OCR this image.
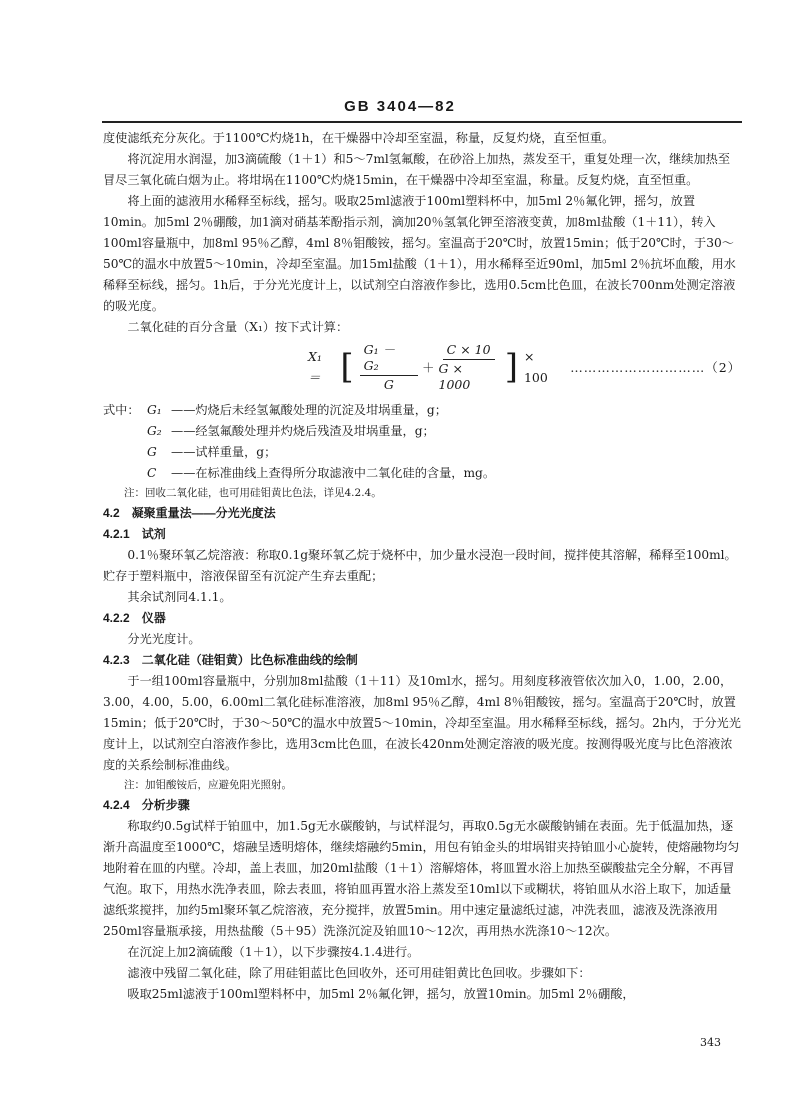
GB 3404—82

度使滤纸充分灰化。于1100℃灼烧1h，在干燥器中冷却至室温，称量，反复灼烧，直至恒重。

将沉淀用水润湿，加3滴硫酸（1＋1）和5～7ml氢氟酸，在砂浴上加热，蒸发至干，重复处理一次，继续加热至冒尽三氧化硫白烟为止。将坩埚在1100℃灼烧15min，在干燥器中冷却至室温，称量。反复灼烧，直至恒重。

将上面的滤液用水稀释至标线，摇匀。吸取25ml滤液于100ml塑料杯中，加5ml 2％氟化钾，摇匀，放置10min。加5ml 2％硼酸，加1滴对硝基苯酚指示剂，滴加20％氢氧化钾至溶液变黄，加8ml盐酸（1＋11），转入100ml容量瓶中，加8ml 95％乙醇，4ml 8％钼酸铵，摇匀。室温高于20℃时，放置15min；低于20℃时，于30～50℃的温水中放置5～10min，冷却至室温。加15ml盐酸（1＋1），用水稀释至近90ml，加5ml 2％抗坏血酸，用水稀释至标线，摇匀。1h后，于分光光度计上，以试剂空白溶液作参比，选用0.5cm比色皿，在波长700nm处测定溶液的吸光度。

二氧化硅的百分含量（X₁）按下式计算：

X₁ ＝ [ $\frac{\text{G₁ － G₂}}{G} + \frac{C \times 10}{G \times 1000}$ ] × 100
…………………………（2）
式中： G₁ ——灼烧后未经氢氟酸处理的沉淀及坩埚重量，g；
G₂ ——经氢氟酸处理并灼烧后残渣及坩埚重量，g；
G	——试样重量，g；
C	——在标准曲线上查得所分取滤液中二氧化硅的含量，mg。

注：回收二氧化硅，也可用硅钼黄比色法，详见4.2.4。

4.2　凝聚重量法——分光光度法

4.2.1　试剂

0.1％聚环氧乙烷溶液：称取0.1g聚环氧乙烷于烧杯中，加少量水浸泡一段时间，搅拌使其溶解，稀释至100ml。贮存于塑料瓶中，溶液保留至有沉淀产生弃去重配；

其余试剂同4.1.1。

4.2.2　仪器

分光光度计。

4.2.3　二氧化硅（硅钼黄）比色标准曲线的绘制

于一组100ml容量瓶中，分别加8ml盐酸（1＋11）及10ml水，摇匀。用刻度移液管依次加入0，1.00，2.00，3.00，4.00，5.00，6.00ml二氧化硅标准溶液，加8ml 95％乙醇，4ml 8％钼酸铵，摇匀。室温高于20℃时，放置15min；低于20℃时，于30～50℃的温水中放置5～10min，冷却至室温。用水稀释至标线，摇匀。2h内，于分光光度计上，以试剂空白溶液作参比，选用3cm比色皿，在波长420nm处测定溶液的吸光度。按测得吸光度与比色溶液浓度的关系绘制标准曲线。

注：加钼酸铵后，应避免阳光照射。

4.2.4　分析步骤

称取约0.5g试样于铂皿中，加1.5g无水碳酸钠，与试样混匀，再取0.5g无水碳酸钠铺在表面。先于低温加热，逐渐升高温度至1000℃，熔融呈透明熔体，继续熔融约5min，用包有铂金头的坩埚钳夹持铂皿小心旋转，使熔融物均匀地附着在皿的内壁。冷却，盖上表皿，加20ml盐酸（1＋1）溶解熔体，将皿置水浴上加热至碳酸盐完全分解，不再冒气泡。取下，用热水洗净表皿，除去表皿，将铂皿再置水浴上蒸发至10ml以下或糊状，将铂皿从水浴上取下，加适量滤纸浆搅拌，加约5ml聚环氧乙烷溶液，充分搅拌，放置5min。用中速定量滤纸过滤，冲洗表皿，滤液及洗涤液用250ml容量瓶承接，用热盐酸（5＋95）洗涤沉淀及铂皿10～12次，再用热水洗涤10～12次。

在沉淀上加2滴硫酸（1＋1），以下步骤按4.1.4进行。

滤液中残留二氧化硅，除了用硅钼蓝比色回收外，还可用硅钼黄比色回收。步骤如下：

吸取25ml滤液于100ml塑料杯中，加5ml 2％氟化钾，摇匀，放置10min。加5ml 2％硼酸，

343
